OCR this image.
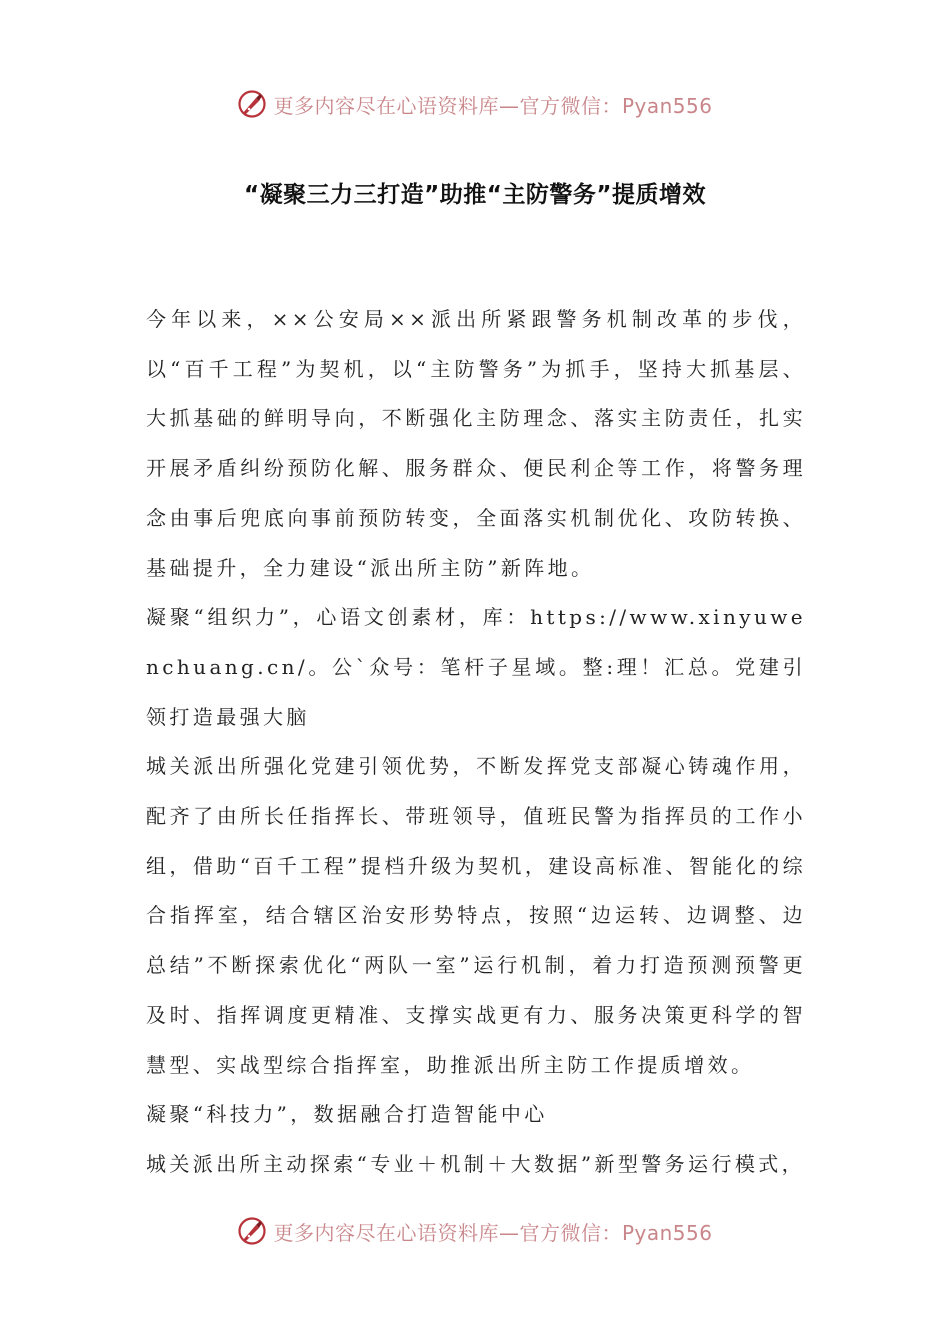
更多内容尽在心语资料库—官方微信：Pyan556
“凝聚三力三打造”助推“主防警务”提质增效

今年以来，××公安局××派出所紧跟警务机制改革的步伐，以“百千工程”为契机，以“主防警务”为抓手，坚持大抓基层、大抓基础的鲜明导向，不断强化主防理念、落实主防责任，扎实开展矛盾纠纷预防化解、服务群众、便民利企等工作，将警务理念由事后兜底向事前预防转变，全面落实机制优化、攻防转换、基础提升，全力建设“派出所主防”新阵地。

凝聚“组织力”，心语文创素材，库：https://www.xinyuwenchuang.cn/。公`众号：笔杆子星域。整:理！汇总。党建引领打造最强大脑

城关派出所强化党建引领优势，不断发挥党支部凝心铸魂作用，配齐了由所长任指挥长、带班领导，值班民警为指挥员的工作小组，借助“百千工程”提档升级为契机，建设高标准、智能化的综合指挥室，结合辖区治安形势特点，按照“边运转、边调整、边总结”不断探索优化“两队一室”运行机制，着力打造预测预警更及时、指挥调度更精准、支撑实战更有力、服务决策更科学的智慧型、实战型综合指挥室，助推派出所主防工作提质增效。

凝聚“科技力”，数据融合打造智能中心

城关派出所主动探索“专业＋机制＋大数据”新型警务运行模式，

更多内容尽在心语资料库—官方微信：Pyan556
